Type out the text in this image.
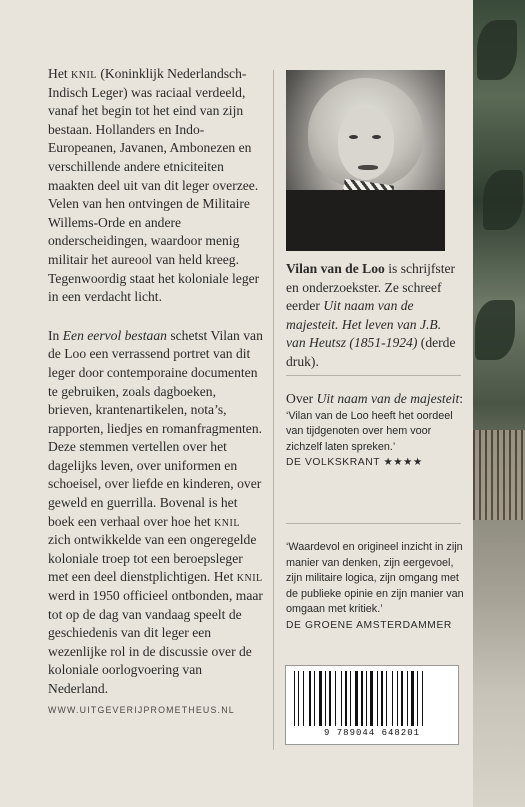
Het knil (Koninklijk Nederlandsch-Indisch Leger) was raciaal verdeeld, vanaf het begin tot het eind van zijn bestaan. Hollanders en Indo-Europeanen, Javanen, Ambonezen en verschillende andere etniciteiten maakten deel uit van dit leger overzee. Velen van hen ontvingen de Militaire Willems-Orde en andere onderscheidingen, waardoor menig militair het aureool van held kreeg. Tegenwoordig staat het koloniale leger in een verdacht licht.

In Een eervol bestaan schetst Vilan van de Loo een verrassend portret van dit leger door contemporaine documenten te gebruiken, zoals dagboeken, brieven, krantenartikelen, nota’s, rapporten, liedjes en romanfragmenten. Deze stemmen vertellen over het dagelijks leven, over uniformen en schoeisel, over liefde en kinderen, over geweld en guerrilla. Bovenal is het boek een verhaal over hoe het knil zich ontwikkelde van een ongeregelde koloniale troep tot een beroepsleger met een deel dienstplichtigen. Het knil werd in 1950 officieel ontbonden, maar tot op de dag van vandaag speelt de geschiedenis van dit leger een wezenlijke rol in de discussie over de koloniale oorlogvoering van Nederland.

WWW.UITGEVERIJPROMETHEUS.NL
Vilan van de Loo is schrijfster en onderzoekster. Ze schreef eerder Uit naam van de majesteit. Het leven van J.B. van Heutsz (1851-1924) (derde druk).
Over Uit naam van de majesteit:
‘Vilan van de Loo heeft het oordeel van tijdgenoten over hem voor zichzelf laten spreken.’
DE VOLKSKRANT ★★★★
‘Waardevol en origineel inzicht in zijn manier van denken, zijn eergevoel, zijn militaire logica, zijn omgang met de publieke opinie en zijn manier van omgaan met kritiek.’
DE GROENE AMSTERDAMMER
9 789044 648201
